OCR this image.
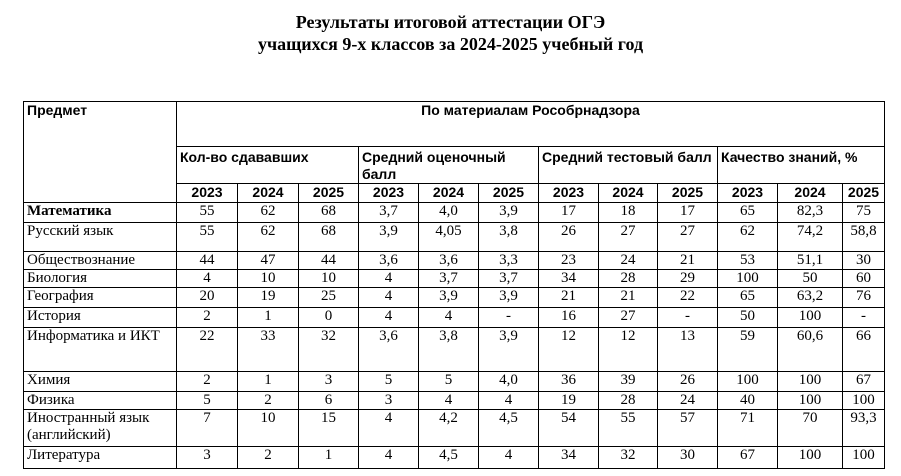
Результаты итоговой аттестации ОГЭ
учащихся 9-х классов за 2024-2025 учебный год
Предмет	По материалам Рособрнадзора											
	Кол-во сдававших			Средний оценочный балл			Средний тестовый балл			Качество знаний, %		
	2023	2024	2025	2023	2024	2025	2023	2024	2025	2023	2024	2025
Математика	55	62	68	3,7	4,0	3,9	17	18	17	65	82,3	75
Русский язык	55	62	68	3,9	4,05	3,8	26	27	27	62	74,2	58,8
Обществознание	44	47	44	3,6	3,6	3,3	23	24	21	53	51,1	30
Биология	4	10	10	4	3,7	3,7	34	28	29	100	50	60
География	20	19	25	4	3,9	3,9	21	21	22	65	63,2	76
История	2	1	0	4	4	-	16	27	-	50	100	-
Информатика и ИКТ	22	33	32	3,6	3,8	3,9	12	12	13	59	60,6	66
Химия	2	1	3	5	5	4,0	36	39	26	100	100	67
Физика	5	2	6	3	4	4	19	28	24	40	100	100
Иностранный язык (английский)	7	10	15	4	4,2	4,5	54	55	57	71	70	93,3
Литература	3	2	1	4	4,5	4	34	32	30	67	100	100
